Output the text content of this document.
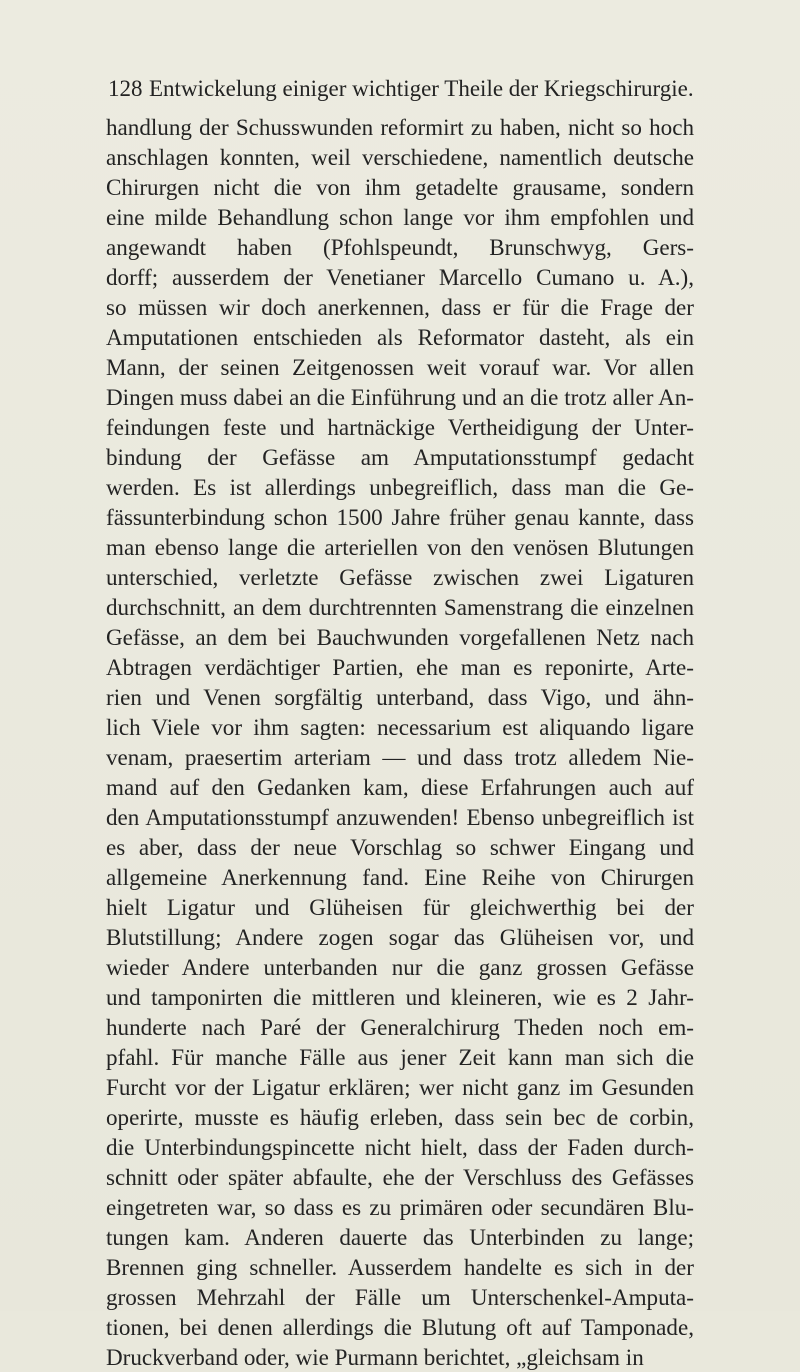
128 Entwickelung einiger wichtiger Theile der Kriegschirurgie.
handlung der Schusswunden reformirt zu haben, nicht so hoch
anschlagen konnten, weil verschiedene, namentlich deutsche
Chirurgen nicht die von ihm getadelte grausame, sondern
eine milde Behandlung schon lange vor ihm empfohlen und
angewandt haben (Pfohlspeundt, Brunschwyg, Gers-
dorff; ausserdem der Venetianer Marcello Cumano u. A.),
so müssen wir doch anerkennen, dass er für die Frage der
Amputationen entschieden als Reformator dasteht, als ein
Mann, der seinen Zeitgenossen weit vorauf war. Vor allen
Dingen muss dabei an die Einführung und an die trotz aller An-
feindungen feste und hartnäckige Vertheidigung der Unter-
bindung der Gefässe am Amputationsstumpf gedacht
werden. Es ist allerdings unbegreiflich, dass man die Ge-
fässunterbindung schon 1500 Jahre früher genau kannte, dass
man ebenso lange die arteriellen von den venösen Blutungen
unterschied, verletzte Gefässe zwischen zwei Ligaturen
durchschnitt, an dem durchtrennten Samenstrang die einzelnen
Gefässe, an dem bei Bauchwunden vorgefallenen Netz nach
Abtragen verdächtiger Partien, ehe man es reponirte, Arte-
rien und Venen sorgfältig unterband, dass Vigo, und ähn-
lich Viele vor ihm sagten: necessarium est aliquando ligare
venam, praesertim arteriam — und dass trotz alledem Nie-
mand auf den Gedanken kam, diese Erfahrungen auch auf
den Amputationsstumpf anzuwenden! Ebenso unbegreiflich ist
es aber, dass der neue Vorschlag so schwer Eingang und
allgemeine Anerkennung fand. Eine Reihe von Chirurgen
hielt Ligatur und Glüheisen für gleichwerthig bei der
Blutstillung; Andere zogen sogar das Glüheisen vor, und
wieder Andere unterbanden nur die ganz grossen Gefässe
und tamponirten die mittleren und kleineren, wie es 2 Jahr-
hunderte nach Paré der Generalchirurg Theden noch em-
pfahl. Für manche Fälle aus jener Zeit kann man sich die
Furcht vor der Ligatur erklären; wer nicht ganz im Gesunden
operirte, musste es häufig erleben, dass sein bec de corbin,
die Unterbindungspincette nicht hielt, dass der Faden durch-
schnitt oder später abfaulte, ehe der Verschluss des Gefässes
eingetreten war, so dass es zu primären oder secundären Blu-
tungen kam. Anderen dauerte das Unterbinden zu lange;
Brennen ging schneller. Ausserdem handelte es sich in der
grossen Mehrzahl der Fälle um Unterschenkel-Amputa-
tionen, bei denen allerdings die Blutung oft auf Tamponade,
Druckverband oder, wie Purmann berichtet, „gleichsam in
